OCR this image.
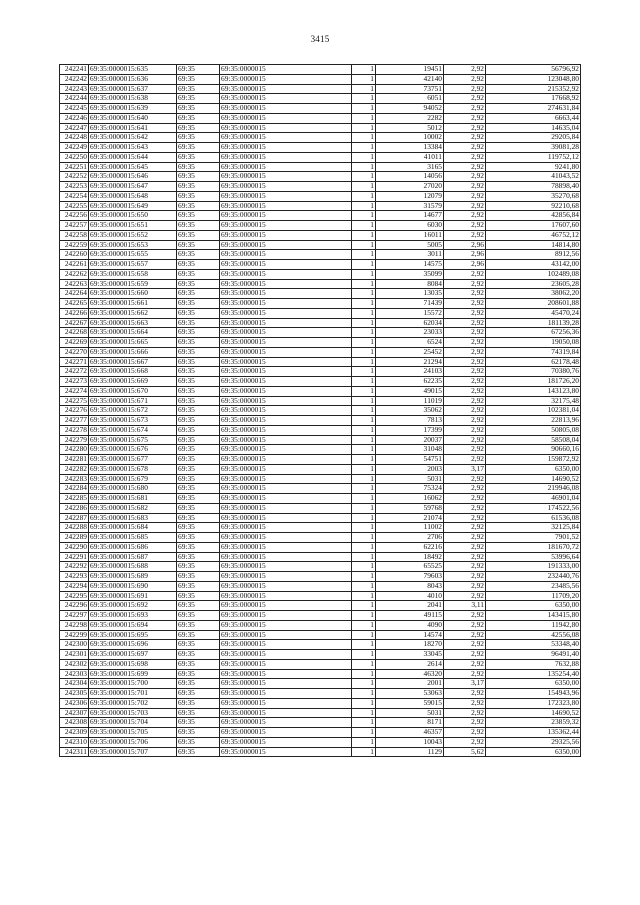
3415
242241	69:35:0000015:635	69:35	69:35:0000015	1	19451	2,92	56796,92
242242	69:35:0000015:636	69:35	69:35:0000015	1	42140	2,92	123048,80
242243	69:35:0000015:637	69:35	69:35:0000015	1	73751	2,92	215352,92
242244	69:35:0000015:638	69:35	69:35:0000015	1	6051	2,92	17668,92
242245	69:35:0000015:639	69:35	69:35:0000015	1	94052	2,92	274631,84
242246	69:35:0000015:640	69:35	69:35:0000015	1	2282	2,92	6663,44
242247	69:35:0000015:641	69:35	69:35:0000015	1	5012	2,92	14635,04
242248	69:35:0000015:642	69:35	69:35:0000015	1	10002	2,92	29205,84
242249	69:35:0000015:643	69:35	69:35:0000015	1	13384	2,92	39081,28
242250	69:35:0000015:644	69:35	69:35:0000015	1	41011	2,92	119752,12
242251	69:35:0000015:645	69:35	69:35:0000015	1	3165	2,92	9241,80
242252	69:35:0000015:646	69:35	69:35:0000015	1	14056	2,92	41043,52
242253	69:35:0000015:647	69:35	69:35:0000015	1	27020	2,92	78898,40
242254	69:35:0000015:648	69:35	69:35:0000015	1	12079	2,92	35270,68
242255	69:35:0000015:649	69:35	69:35:0000015	1	31579	2,92	92210,68
242256	69:35:0000015:650	69:35	69:35:0000015	1	14677	2,92	42856,84
242257	69:35:0000015:651	69:35	69:35:0000015	1	6030	2,92	17607,60
242258	69:35:0000015:652	69:35	69:35:0000015	1	16011	2,92	46752,12
242259	69:35:0000015:653	69:35	69:35:0000015	1	5005	2,96	14814,80
242260	69:35:0000015:655	69:35	69:35:0000015	1	3011	2,96	8912,56
242261	69:35:0000015:657	69:35	69:35:0000015	1	14575	2,96	43142,00
242262	69:35:0000015:658	69:35	69:35:0000015	1	35099	2,92	102489,08
242263	69:35:0000015:659	69:35	69:35:0000015	1	8084	2,92	23605,28
242264	69:35:0000015:660	69:35	69:35:0000015	1	13035	2,92	38062,20
242265	69:35:0000015:661	69:35	69:35:0000015	1	71439	2,92	208601,88
242266	69:35:0000015:662	69:35	69:35:0000015	1	15572	2,92	45470,24
242267	69:35:0000015:663	69:35	69:35:0000015	1	62034	2,92	181139,28
242268	69:35:0000015:664	69:35	69:35:0000015	1	23033	2,92	67256,36
242269	69:35:0000015:665	69:35	69:35:0000015	1	6524	2,92	19050,08
242270	69:35:0000015:666	69:35	69:35:0000015	1	25452	2,92	74319,84
242271	69:35:0000015:667	69:35	69:35:0000015	1	21294	2,92	62178,48
242272	69:35:0000015:668	69:35	69:35:0000015	1	24103	2,92	70380,76
242273	69:35:0000015:669	69:35	69:35:0000015	1	62235	2,92	181726,20
242274	69:35:0000015:670	69:35	69:35:0000015	1	49015	2,92	143123,80
242275	69:35:0000015:671	69:35	69:35:0000015	1	11019	2,92	32175,48
242276	69:35:0000015:672	69:35	69:35:0000015	1	35062	2,92	102381,04
242277	69:35:0000015:673	69:35	69:35:0000015	1	7813	2,92	22813,96
242278	69:35:0000015:674	69:35	69:35:0000015	1	17399	2,92	50805,08
242279	69:35:0000015:675	69:35	69:35:0000015	1	20037	2,92	58508,04
242280	69:35:0000015:676	69:35	69:35:0000015	1	31048	2,92	90660,16
242281	69:35:0000015:677	69:35	69:35:0000015	1	54751	2,92	159872,92
242282	69:35:0000015:678	69:35	69:35:0000015	1	2003	3,17	6350,00
242283	69:35:0000015:679	69:35	69:35:0000015	1	5031	2,92	14690,52
242284	69:35:0000015:680	69:35	69:35:0000015	1	75324	2,92	219946,08
242285	69:35:0000015:681	69:35	69:35:0000015	1	16062	2,92	46901,04
242286	69:35:0000015:682	69:35	69:35:0000015	1	59768	2,92	174522,56
242287	69:35:0000015:683	69:35	69:35:0000015	1	21074	2,92	61536,08
242288	69:35:0000015:684	69:35	69:35:0000015	1	11002	2,92	32125,84
242289	69:35:0000015:685	69:35	69:35:0000015	1	2706	2,92	7901,52
242290	69:35:0000015:686	69:35	69:35:0000015	1	62216	2,92	181670,72
242291	69:35:0000015:687	69:35	69:35:0000015	1	18492	2,92	53996,64
242292	69:35:0000015:688	69:35	69:35:0000015	1	65525	2,92	191333,00
242293	69:35:0000015:689	69:35	69:35:0000015	1	79603	2,92	232440,76
242294	69:35:0000015:690	69:35	69:35:0000015	1	8043	2,92	23485,56
242295	69:35:0000015:691	69:35	69:35:0000015	1	4010	2,92	11709,20
242296	69:35:0000015:692	69:35	69:35:0000015	1	2041	3,11	6350,00
242297	69:35:0000015:693	69:35	69:35:0000015	1	49115	2,92	143415,80
242298	69:35:0000015:694	69:35	69:35:0000015	1	4090	2,92	11942,80
242299	69:35:0000015:695	69:35	69:35:0000015	1	14574	2,92	42556,08
242300	69:35:0000015:696	69:35	69:35:0000015	1	18270	2,92	53348,40
242301	69:35:0000015:697	69:35	69:35:0000015	1	33045	2,92	96491,40
242302	69:35:0000015:698	69:35	69:35:0000015	1	2614	2,92	7632,88
242303	69:35:0000015:699	69:35	69:35:0000015	1	46320	2,92	135254,40
242304	69:35:0000015:700	69:35	69:35:0000015	1	2001	3,17	6350,00
242305	69:35:0000015:701	69:35	69:35:0000015	1	53063	2,92	154943,96
242306	69:35:0000015:702	69:35	69:35:0000015	1	59015	2,92	172323,80
242307	69:35:0000015:703	69:35	69:35:0000015	1	5031	2,92	14690,52
242308	69:35:0000015:704	69:35	69:35:0000015	1	8171	2,92	23859,32
242309	69:35:0000015:705	69:35	69:35:0000015	1	46357	2,92	135362,44
242310	69:35:0000015:706	69:35	69:35:0000015	1	10043	2,92	29325,56
242311	69:35:0000015:707	69:35	69:35:0000015	1	1129	5,62	6350,00
